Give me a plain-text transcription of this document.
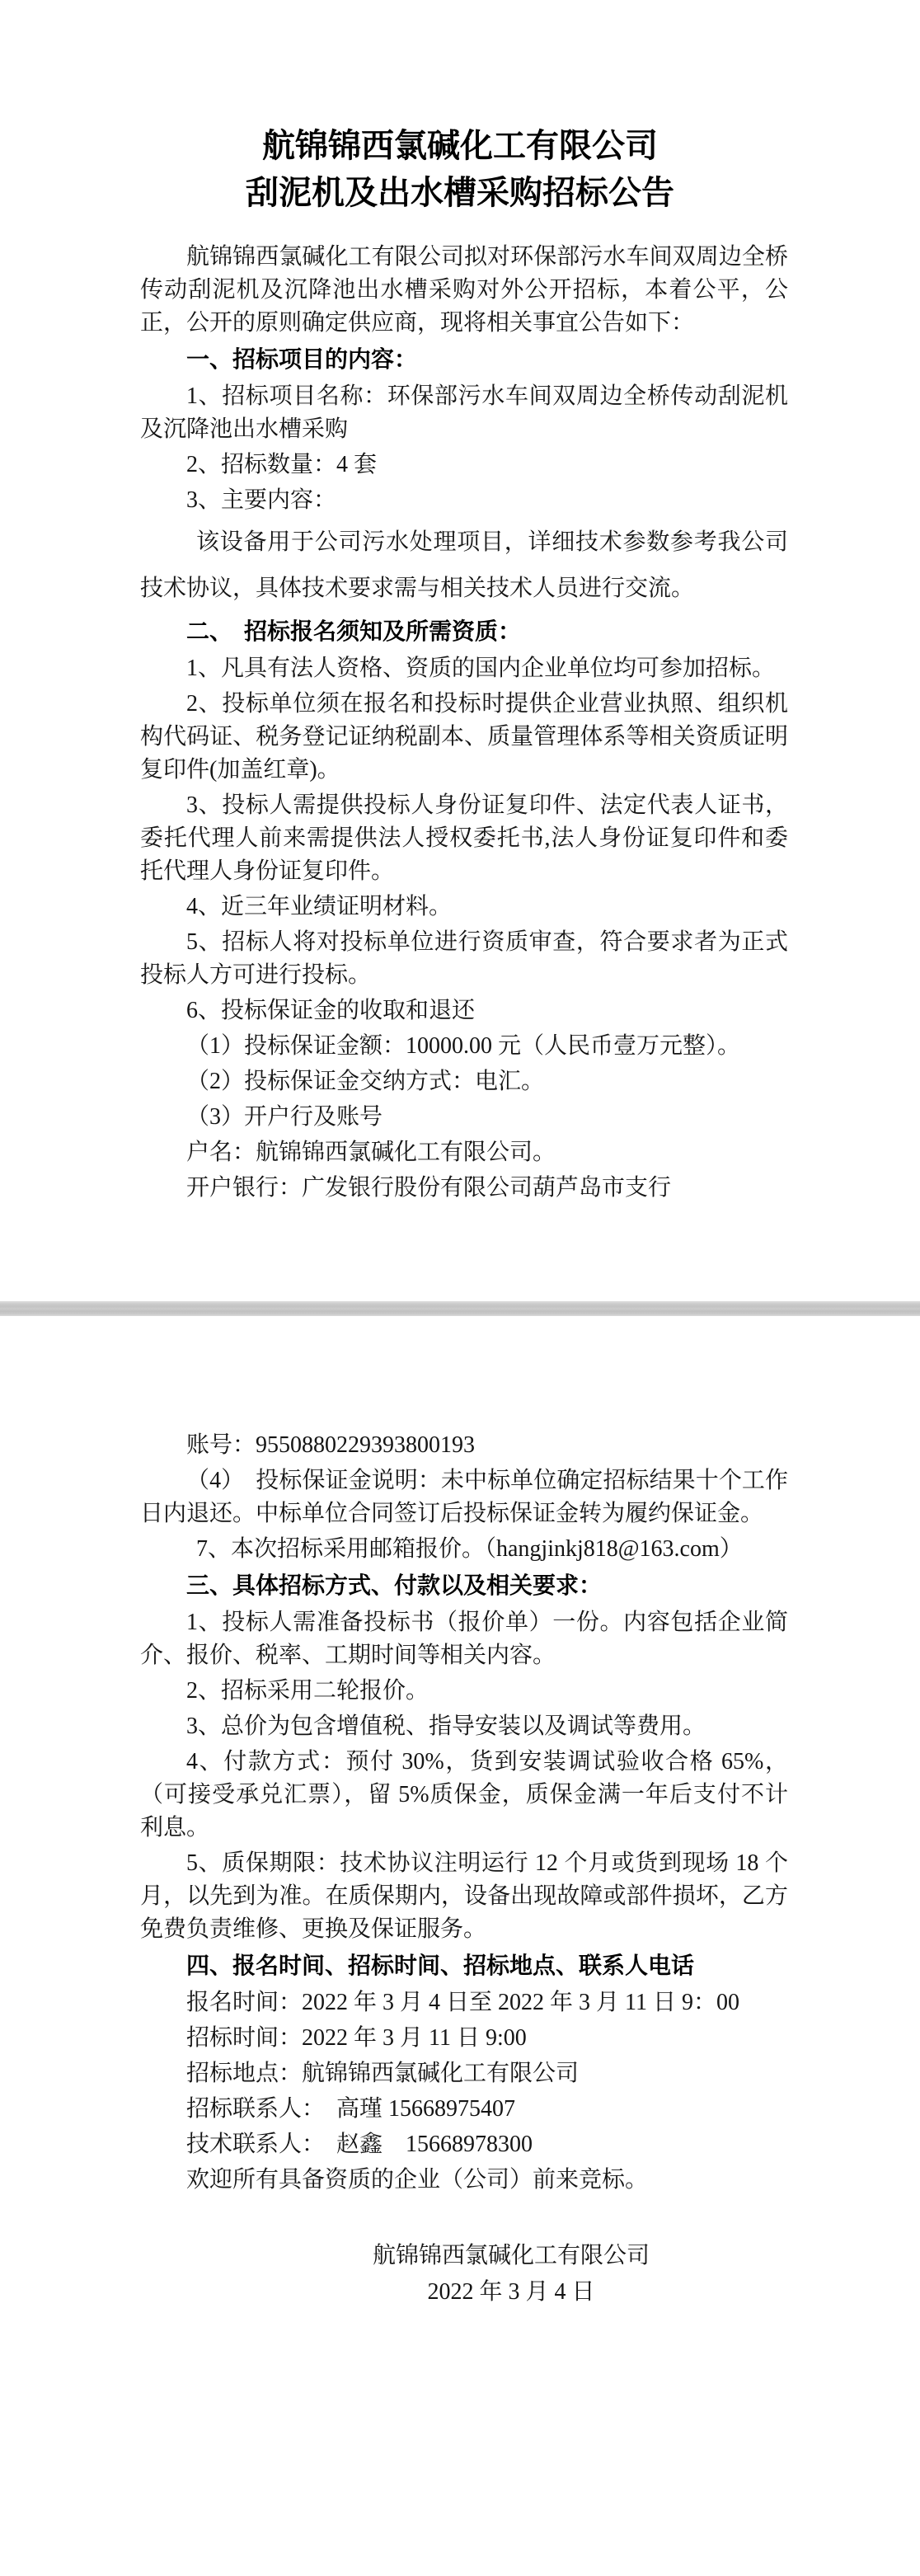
航锦锦西氯碱化工有限公司
刮泥机及出水槽采购招标公告

航锦锦西氯碱化工有限公司拟对环保部污水车间双周边全桥传动刮泥机及沉降池出水槽采购对外公开招标，本着公平，公正，公开的原则确定供应商，现将相关事宜公告如下：

一、招标项目的内容：

1、招标项目名称：环保部污水车间双周边全桥传动刮泥机及沉降池出水槽采购

2、招标数量：4 套

3、主要内容：

该设备用于公司污水处理项目，详细技术参数参考我公司技术协议，具体技术要求需与相关技术人员进行交流。

二、　招标报名须知及所需资质：

1、凡具有法人资格、资质的国内企业单位均可参加招标。

2、投标单位须在报名和投标时提供企业营业执照、组织机构代码证、税务登记证纳税副本、质量管理体系等相关资质证明复印件(加盖红章)。

3、投标人需提供投标人身份证复印件、法定代表人证书，委托代理人前来需提供法人授权委托书,法人身份证复印件和委托代理人身份证复印件。

4、近三年业绩证明材料。

5、招标人将对投标单位进行资质审查，符合要求者为正式投标人方可进行投标。

6、投标保证金的收取和退还

（1）投标保证金额：10000.00 元（人民币壹万元整）。

（2）投标保证金交纳方式：电汇。

（3）开户行及账号

户名：航锦锦西氯碱化工有限公司。

开户银行：广发银行股份有限公司葫芦岛市支行

账号：9550880229393800193

（4）　投标保证金说明：未中标单位确定招标结果十个工作日内退还。中标单位合同签订后投标保证金转为履约保证金。

7、本次招标采用邮箱报价。（hangjinkj818@163.com）

三、具体招标方式、付款以及相关要求：

1、投标人需准备投标书（报价单）一份。内容包括企业简介、报价、税率、工期时间等相关内容。

2、招标采用二轮报价。

3、总价为包含增值税、指导安装以及调试等费用。

4、付款方式：预付 30%，货到安装调试验收合格 65%，（可接受承兑汇票），留 5%质保金，质保金满一年后支付不计利息。

5、质保期限：技术协议注明运行 12 个月或货到现场 18 个月，以先到为准。在质保期内，设备出现故障或部件损坏，乙方免费负责维修、更换及保证服务。

四、报名时间、招标时间、招标地点、联系人电话

报名时间：2022 年 3 月 4 日至 2022 年 3 月 11 日 9：00

招标时间：2022 年 3 月 11 日 9:00

招标地点：航锦锦西氯碱化工有限公司

招标联系人：　高瑾 15668975407

技术联系人：　赵鑫　15668978300

欢迎所有具备资质的企业（公司）前来竞标。

航锦锦西氯碱化工有限公司
2022 年 3 月 4 日
